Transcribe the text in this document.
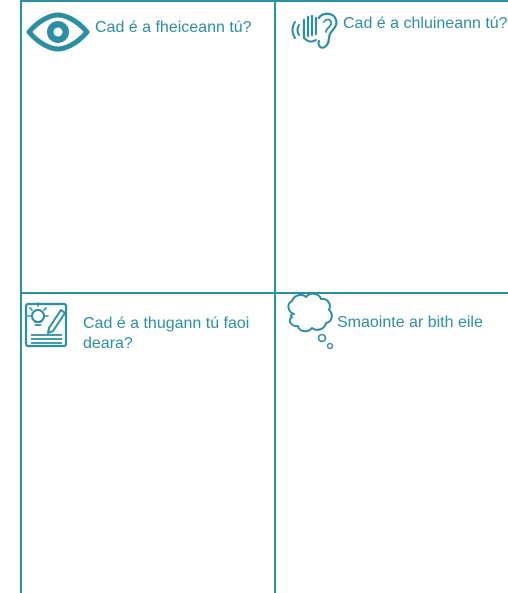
Cad é a fheiceann tú?	Cad é a chluineann tú?
Cad é a thugann tú faoi deara?
Smaointe ar bith eile
